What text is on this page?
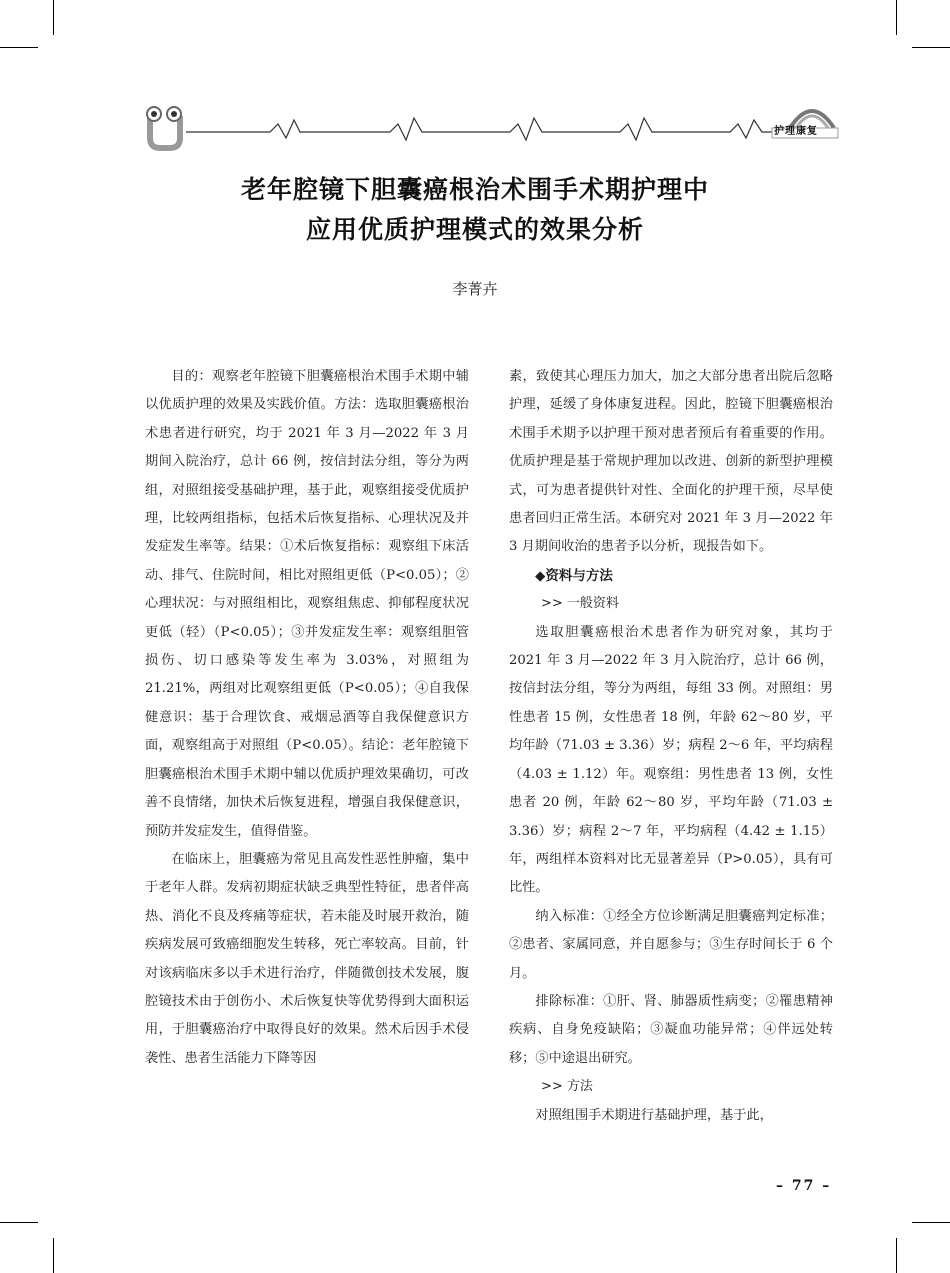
护理康复
老年腔镜下胆囊癌根治术围手术期护理中
应用优质护理模式的效果分析
李菁卉

目的：观察老年腔镜下胆囊癌根治术围手术期中辅以优质护理的效果及实践价值。方法：选取胆囊癌根治术患者进行研究，均于 2021 年 3 月—2022 年 3 月期间入院治疗，总计 66 例，按信封法分组，等分为两组，对照组接受基础护理，基于此，观察组接受优质护理，比较两组指标，包括术后恢复指标、心理状况及并发症发生率等。结果：①术后恢复指标：观察组下床活动、排气、住院时间，相比对照组更低（P<0.05）；②心理状况：与对照组相比，观察组焦虑、抑郁程度状况更低（轻）（P<0.05）；③并发症发生率：观察组胆管损伤、切口感染等发生率为 3.03%，对照组为 21.21%，两组对比观察组更低（P<0.05）；④自我保健意识：基于合理饮食、戒烟忌酒等自我保健意识方面，观察组高于对照组（P<0.05）。结论：老年腔镜下胆囊癌根治术围手术期中辅以优质护理效果确切，可改善不良情绪，加快术后恢复进程，增强自我保健意识，预防并发症发生，值得借鉴。

在临床上，胆囊癌为常见且高发性恶性肿瘤，集中于老年人群。发病初期症状缺乏典型性特征，患者伴高热、消化不良及疼痛等症状，若未能及时展开救治，随疾病发展可致癌细胞发生转移，死亡率较高。目前，针对该病临床多以手术进行治疗，伴随微创技术发展，腹腔镜技术由于创伤小、术后恢复快等优势得到大面积运用，于胆囊癌治疗中取得良好的效果。然术后因手术侵袭性、患者生活能力下降等因

素，致使其心理压力加大，加之大部分患者出院后忽略护理，延缓了身体康复进程。因此，腔镜下胆囊癌根治术围手术期予以护理干预对患者预后有着重要的作用。优质护理是基于常规护理加以改进、创新的新型护理模式，可为患者提供针对性、全面化的护理干预，尽早使患者回归正常生活。本研究对 2021 年 3 月—2022 年 3 月期间收治的患者予以分析，现报告如下。

◆资料与方法
>> 一般资料

选取胆囊癌根治术患者作为研究对象，其均于 2021 年 3 月—2022 年 3 月入院治疗，总计 66 例，按信封法分组，等分为两组，每组 33 例。对照组：男性患者 15 例，女性患者 18 例，年龄 62～80 岁，平均年龄（71.03 ± 3.36）岁；病程 2～6 年，平均病程（4.03 ± 1.12）年。观察组：男性患者 13 例，女性患者 20 例，年龄 62～80 岁，平均年龄（71.03 ± 3.36）岁；病程 2～7 年，平均病程（4.42 ± 1.15）年，两组样本资料对比无显著差异（P>0.05），具有可比性。

纳入标准：①经全方位诊断满足胆囊癌判定标准；②患者、家属同意，并自愿参与；③生存时间长于 6 个月。

排除标准：①肝、肾、肺器质性病变；②罹患精神疾病、自身免疫缺陷；③凝血功能异常；④伴远处转移；⑤中途退出研究。

>> 方法

对照组围手术期进行基础护理，基于此，

– 77 –
